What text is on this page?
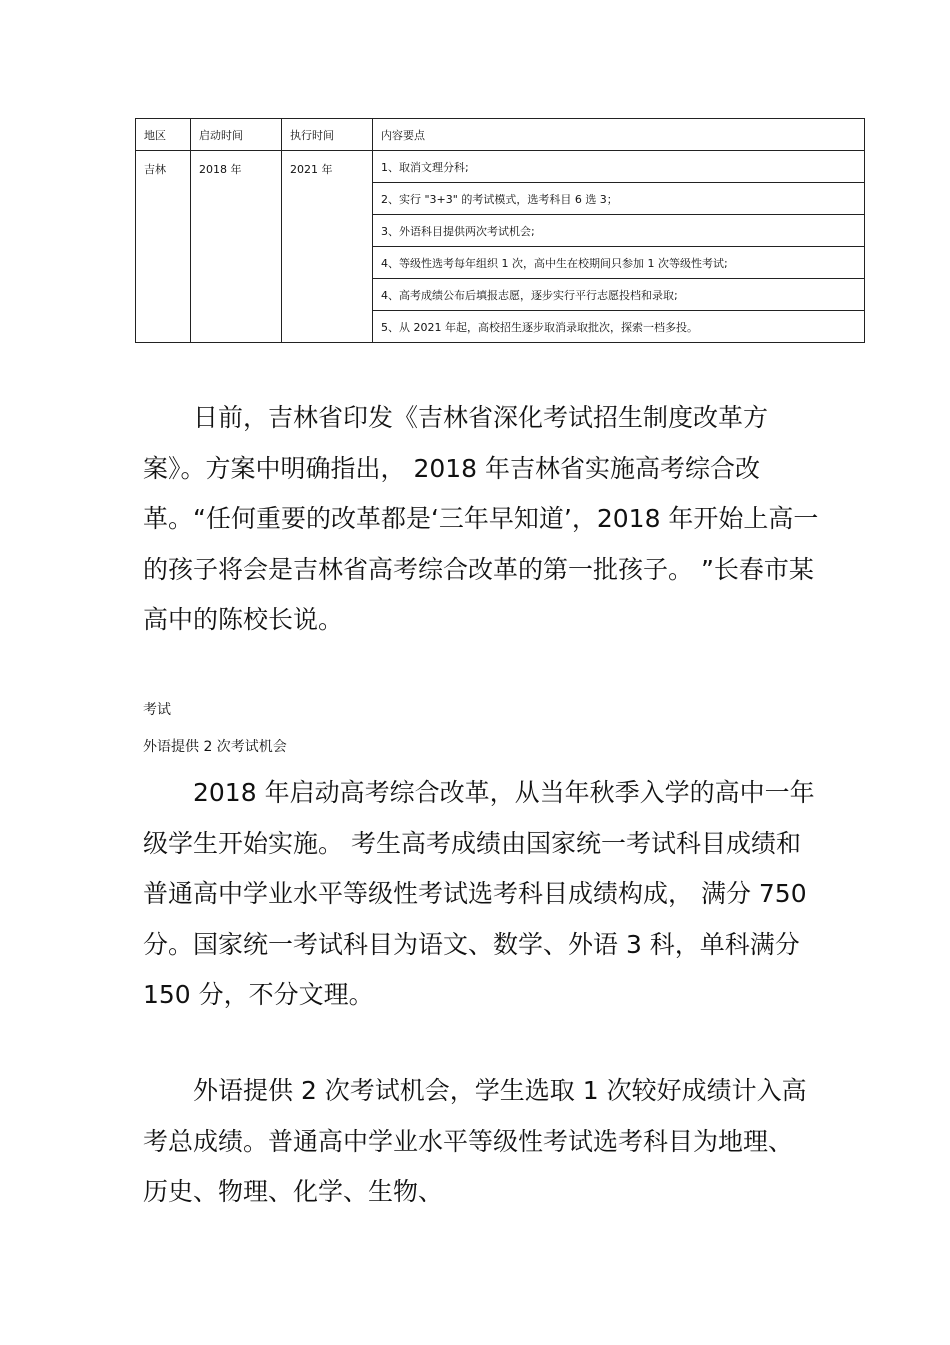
地区	启动时间	执行时间	内容要点
吉林	2018 年	2021 年	1、取消文理分科;
			2、实行 "3+3" 的考试模式，选考科目 6 选 3；
			3、外语科目提供两次考试机会;
			4、等级性选考每年组织 1 次，高中生在校期间只参加 1 次等级性考试;
			4、高考成绩公布后填报志愿，逐步实行平行志愿投档和录取;
			5、从 2021 年起，高校招生逐步取消录取批次，探索一档多投。

　　日前，吉林省印发《吉林省深化考试招生制度改革方案》。方案中明确指出， 2018 年吉林省实施高考综合改革。“任何重要的改革都是‘三年早知道’，2018 年开始上高一的孩子将会是吉林省高考综合改革的第一批孩子。 ”长春市某高中的陈校长说。

考试

外语提供 2 次考试机会

　　2018 年启动高考综合改革，从当年秋季入学的高中一年级学生开始实施。 考生高考成绩由国家统一考试科目成绩和普通高中学业水平等级性考试选考科目成绩构成， 满分 750 分。国家统一考试科目为语文、数学、外语 3 科，单科满分 150 分，不分文理。

　　外语提供 2 次考试机会，学生选取 1 次较好成绩计入高考总成绩。普通高中学业水平等级性考试选考科目为地理、 历史、物理、化学、生物、
